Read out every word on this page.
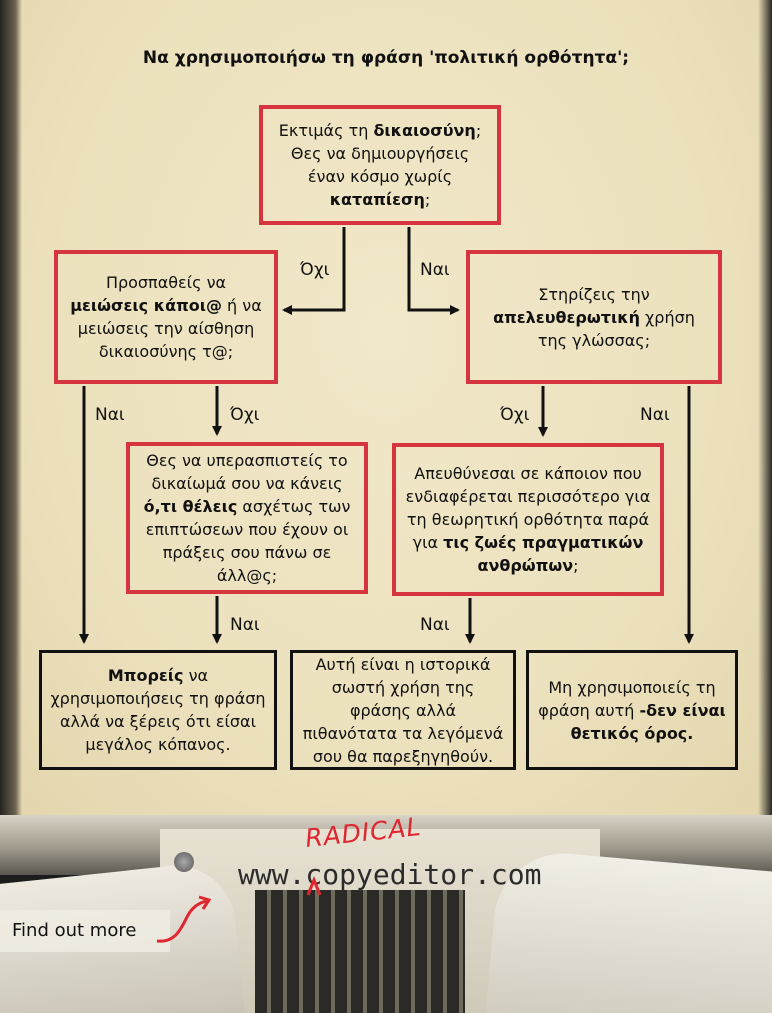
Να χρησιμοποιήσω τη φράση 'πολιτική ορθότητα';
Εκτιμάς τη δικαιοσύνη; Θες να δημιουργήσεις έναν κόσμο χωρίς καταπίεση;
Προσπαθείς να μειώσεις κάποι@ ή να μειώσεις την αίσθηση δικαιοσύνης τ@;
Στηρίζεις την απελευθερωτική χρήση της γλώσσας;
Θες να υπερασπιστείς το δικαίωμά σου να κάνεις ό,τι θέλεις ασχέτως των επιπτώσεων που έχουν οι πράξεις σου πάνω σε άλλ@ς;
Απευθύνεσαι σε κάποιον που ενδιαφέρεται περισσότερο για τη θεωρητική ορθότητα παρά για τις ζωές πραγματικών ανθρώπων;
Μπορείς να χρησιμοποιήσεις τη φράση αλλά να ξέρεις ότι είσαι μεγάλος κόπανος.
Αυτή είναι η ιστορικά σωστή χρήση της φράσης αλλά πιθανότατα τα λεγόμενά σου θα παρεξηγηθούν.
Μη χρησιμοποιείς τη φράση αυτή -δεν είναι θετικός όρος.
Όχι	Ναι
Ναι	Όχι	Όχι	Ναι
Ναι	Ναι
www.copyeditor.com
RADICAL
Find out more
